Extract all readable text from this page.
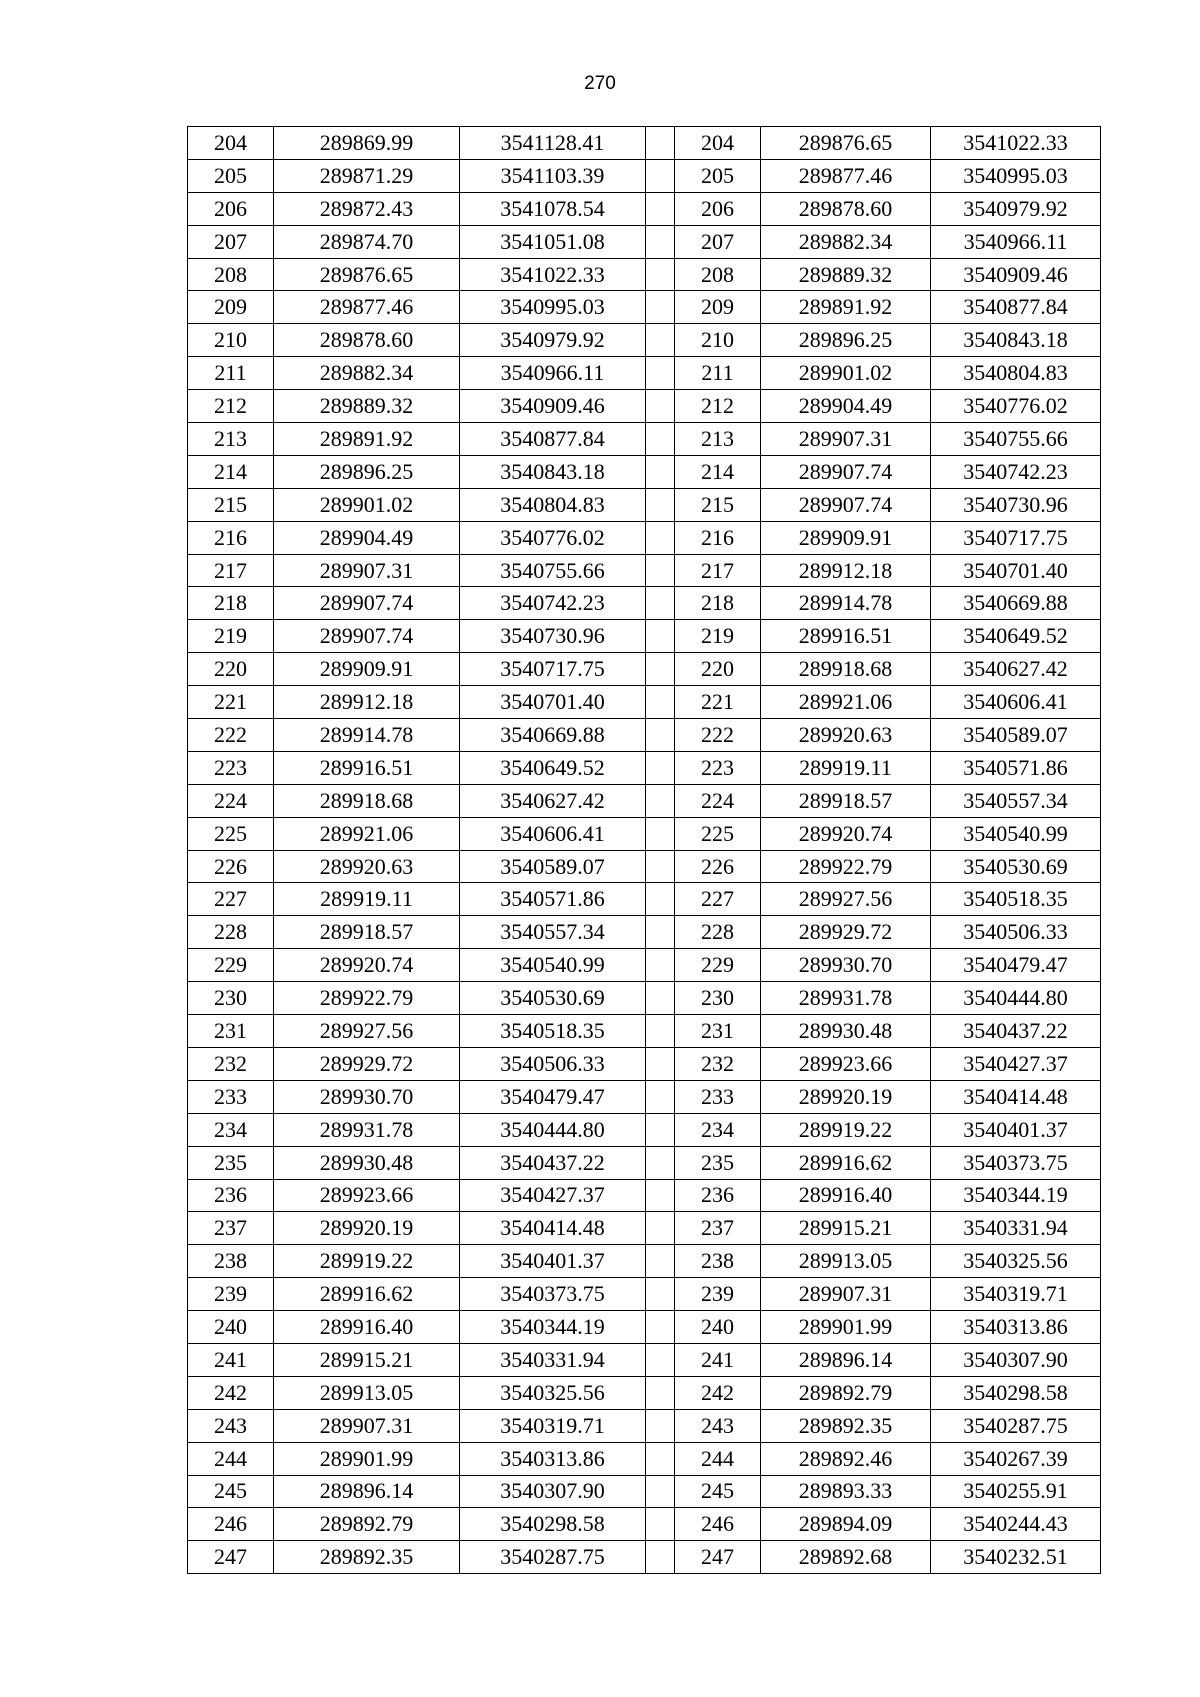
270
204	289869.99	3541128.41		204	289876.65	3541022.33
205	289871.29	3541103.39		205	289877.46	3540995.03
206	289872.43	3541078.54		206	289878.60	3540979.92
207	289874.70	3541051.08		207	289882.34	3540966.11
208	289876.65	3541022.33		208	289889.32	3540909.46
209	289877.46	3540995.03		209	289891.92	3540877.84
210	289878.60	3540979.92		210	289896.25	3540843.18
211	289882.34	3540966.11		211	289901.02	3540804.83
212	289889.32	3540909.46		212	289904.49	3540776.02
213	289891.92	3540877.84		213	289907.31	3540755.66
214	289896.25	3540843.18		214	289907.74	3540742.23
215	289901.02	3540804.83		215	289907.74	3540730.96
216	289904.49	3540776.02		216	289909.91	3540717.75
217	289907.31	3540755.66		217	289912.18	3540701.40
218	289907.74	3540742.23		218	289914.78	3540669.88
219	289907.74	3540730.96		219	289916.51	3540649.52
220	289909.91	3540717.75		220	289918.68	3540627.42
221	289912.18	3540701.40		221	289921.06	3540606.41
222	289914.78	3540669.88		222	289920.63	3540589.07
223	289916.51	3540649.52		223	289919.11	3540571.86
224	289918.68	3540627.42		224	289918.57	3540557.34
225	289921.06	3540606.41		225	289920.74	3540540.99
226	289920.63	3540589.07		226	289922.79	3540530.69
227	289919.11	3540571.86		227	289927.56	3540518.35
228	289918.57	3540557.34		228	289929.72	3540506.33
229	289920.74	3540540.99		229	289930.70	3540479.47
230	289922.79	3540530.69		230	289931.78	3540444.80
231	289927.56	3540518.35		231	289930.48	3540437.22
232	289929.72	3540506.33		232	289923.66	3540427.37
233	289930.70	3540479.47		233	289920.19	3540414.48
234	289931.78	3540444.80		234	289919.22	3540401.37
235	289930.48	3540437.22		235	289916.62	3540373.75
236	289923.66	3540427.37		236	289916.40	3540344.19
237	289920.19	3540414.48		237	289915.21	3540331.94
238	289919.22	3540401.37		238	289913.05	3540325.56
239	289916.62	3540373.75		239	289907.31	3540319.71
240	289916.40	3540344.19		240	289901.99	3540313.86
241	289915.21	3540331.94		241	289896.14	3540307.90
242	289913.05	3540325.56		242	289892.79	3540298.58
243	289907.31	3540319.71		243	289892.35	3540287.75
244	289901.99	3540313.86		244	289892.46	3540267.39
245	289896.14	3540307.90		245	289893.33	3540255.91
246	289892.79	3540298.58		246	289894.09	3540244.43
247	289892.35	3540287.75		247	289892.68	3540232.51
